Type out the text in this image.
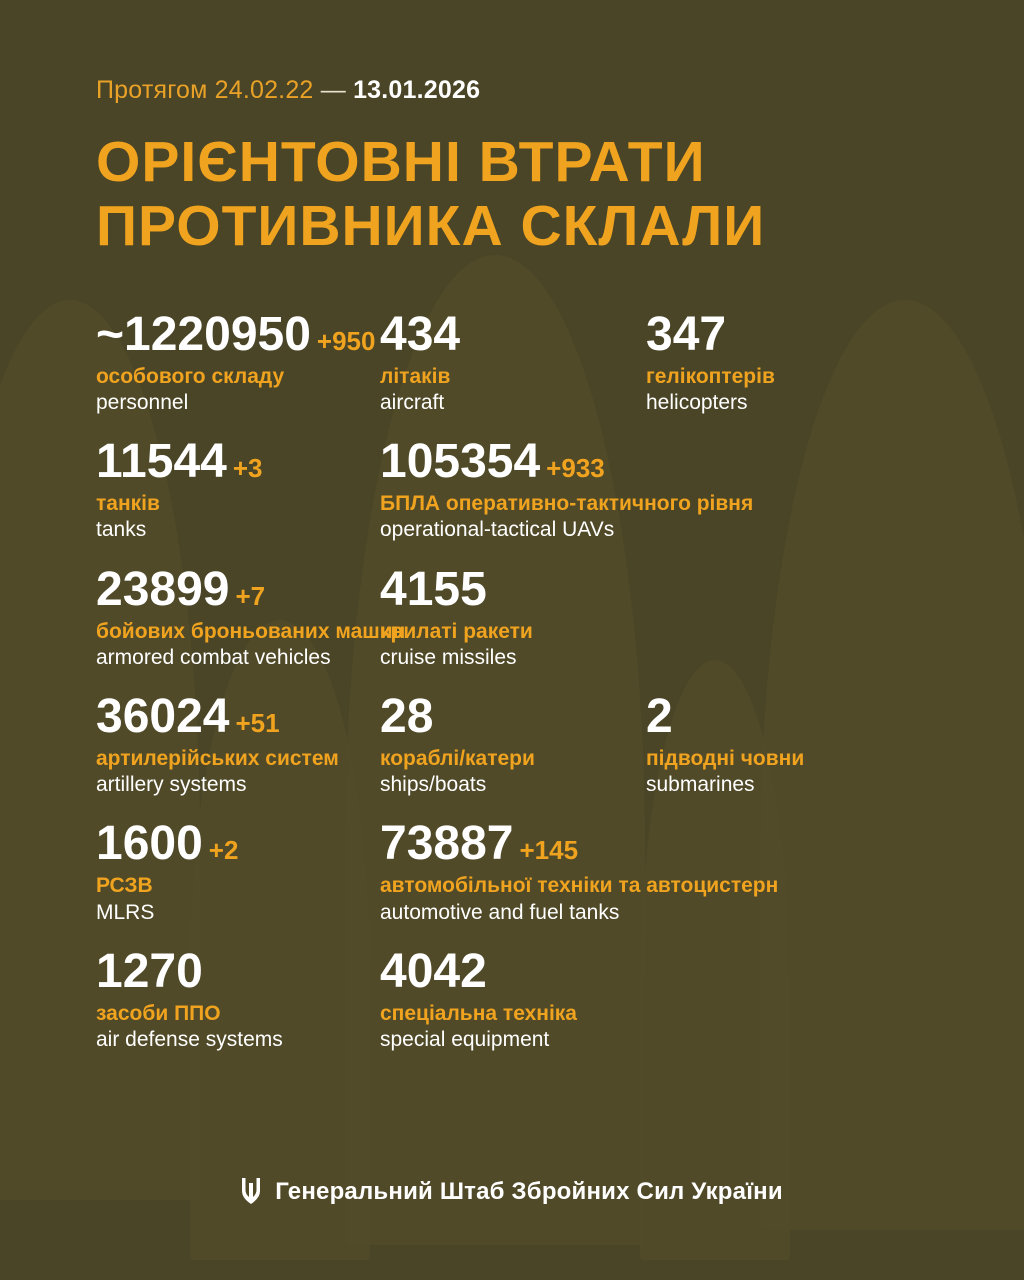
Протягом 24.02.22 — 13.01.2026
ОРІЄНТОВНІ ВТРАТИ
ПРОТИВНИКА СКЛАЛИ
~1220950 +950
особового складу
personnel
434
літаків
aircraft
347
гелікоптерів
helicopters
11544 +3
танків
tanks
105354 +933
БПЛА оперативно-тактичного рівня
operational-tactical UAVs
23899 +7
бойових броньованих машин
armored combat vehicles
4155
крилаті ракети
cruise missiles
36024 +51
артилерійських систем
artillery systems
28
кораблі/катери
ships/boats
2
підводні човни
submarines
1600 +2
РСЗВ
MLRS
73887 +145
автомобільної техніки та автоцистерн
automotive and fuel tanks
1270
засоби ППО
air defense systems
4042
спеціальна техніка
special equipment
Генеральний Штаб Збройних Сил України
